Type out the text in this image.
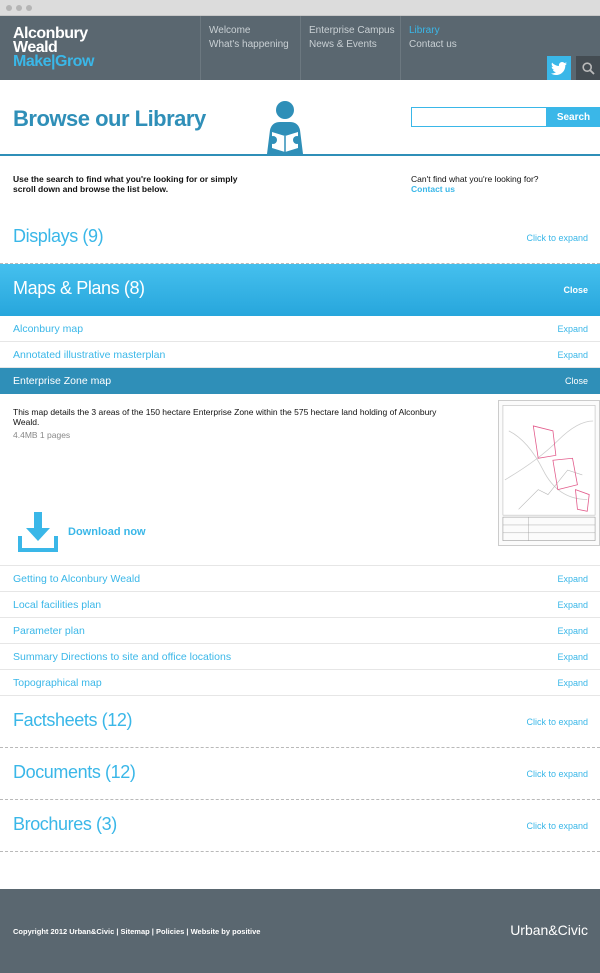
Alconbury
Weald
Make|Grow
Welcome
What's happening
Enterprise Campus
News & Events
Library
Contact us
Browse our Library	Search
Use the search to find what you're looking for or simply scroll down and browse the list below.
Can't find what you're looking for?
Contact us
Displays (9)	Click to expand
Maps & Plans (8)	Close
Alconbury map	Expand
Annotated illustrative masterplan	Expand
Enterprise Zone map	Close
This map details the 3 areas of the 150 hectare Enterprise Zone within the 575 hectare land holding of Alconbury Weald.
4.4MB 1 pages
Download now
Getting to Alconbury Weald	Expand
Local facilities plan	Expand
Parameter plan	Expand
Summary Directions to site and office locations	Expand
Topographical map	Expand
Factsheets (12)	Click to expand
Documents (12)	Click to expand
Brochures (3)	Click to expand
Copyright 2012 Urban&Civic | Sitemap | Policies | Website by positive	Urban&Civic
